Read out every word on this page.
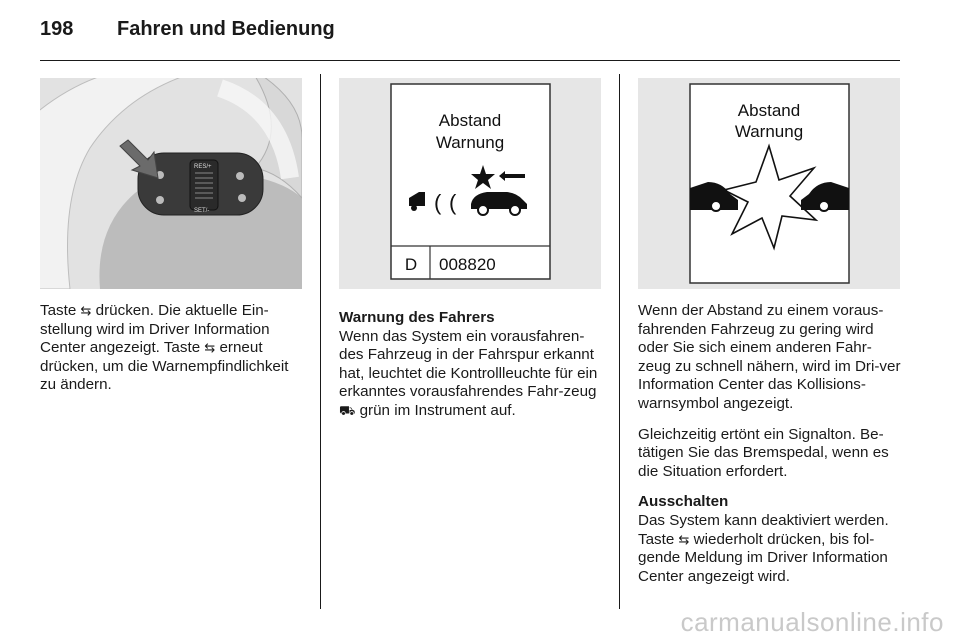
198	Fahren und Bedienung
RES/+
SET/-
Abstand
Warnung
( (
D 008820
Abstand
Warnung

Taste ⇆ drücken. Die aktuelle Ein-stellung wird im Driver Information Center angezeigt. Taste ⇆ erneut drücken, um die Warnempfindlichkeit zu ändern.

Warnung des Fahrers

Wenn das System ein vorausfahren-des Fahrzeug in der Fahrspur erkannt hat, leuchtet die Kontrollleuchte für ein erkanntes vorausfahrendes Fahr-zeug ⛟ grün im Instrument auf.

Wenn der Abstand zu einem voraus-fahrenden Fahrzeug zu gering wird oder Sie sich einem anderen Fahr-zeug zu schnell nähern, wird im Dri-ver Information Center das Kollisions-warnsymbol angezeigt.

Gleichzeitig ertönt ein Signalton. Be-tätigen Sie das Bremspedal, wenn es die Situation erfordert.

Ausschalten

Das System kann deaktiviert werden. Taste ⇆ wiederholt drücken, bis fol-gende Meldung im Driver Information Center angezeigt wird.

carmanualsonline.info
